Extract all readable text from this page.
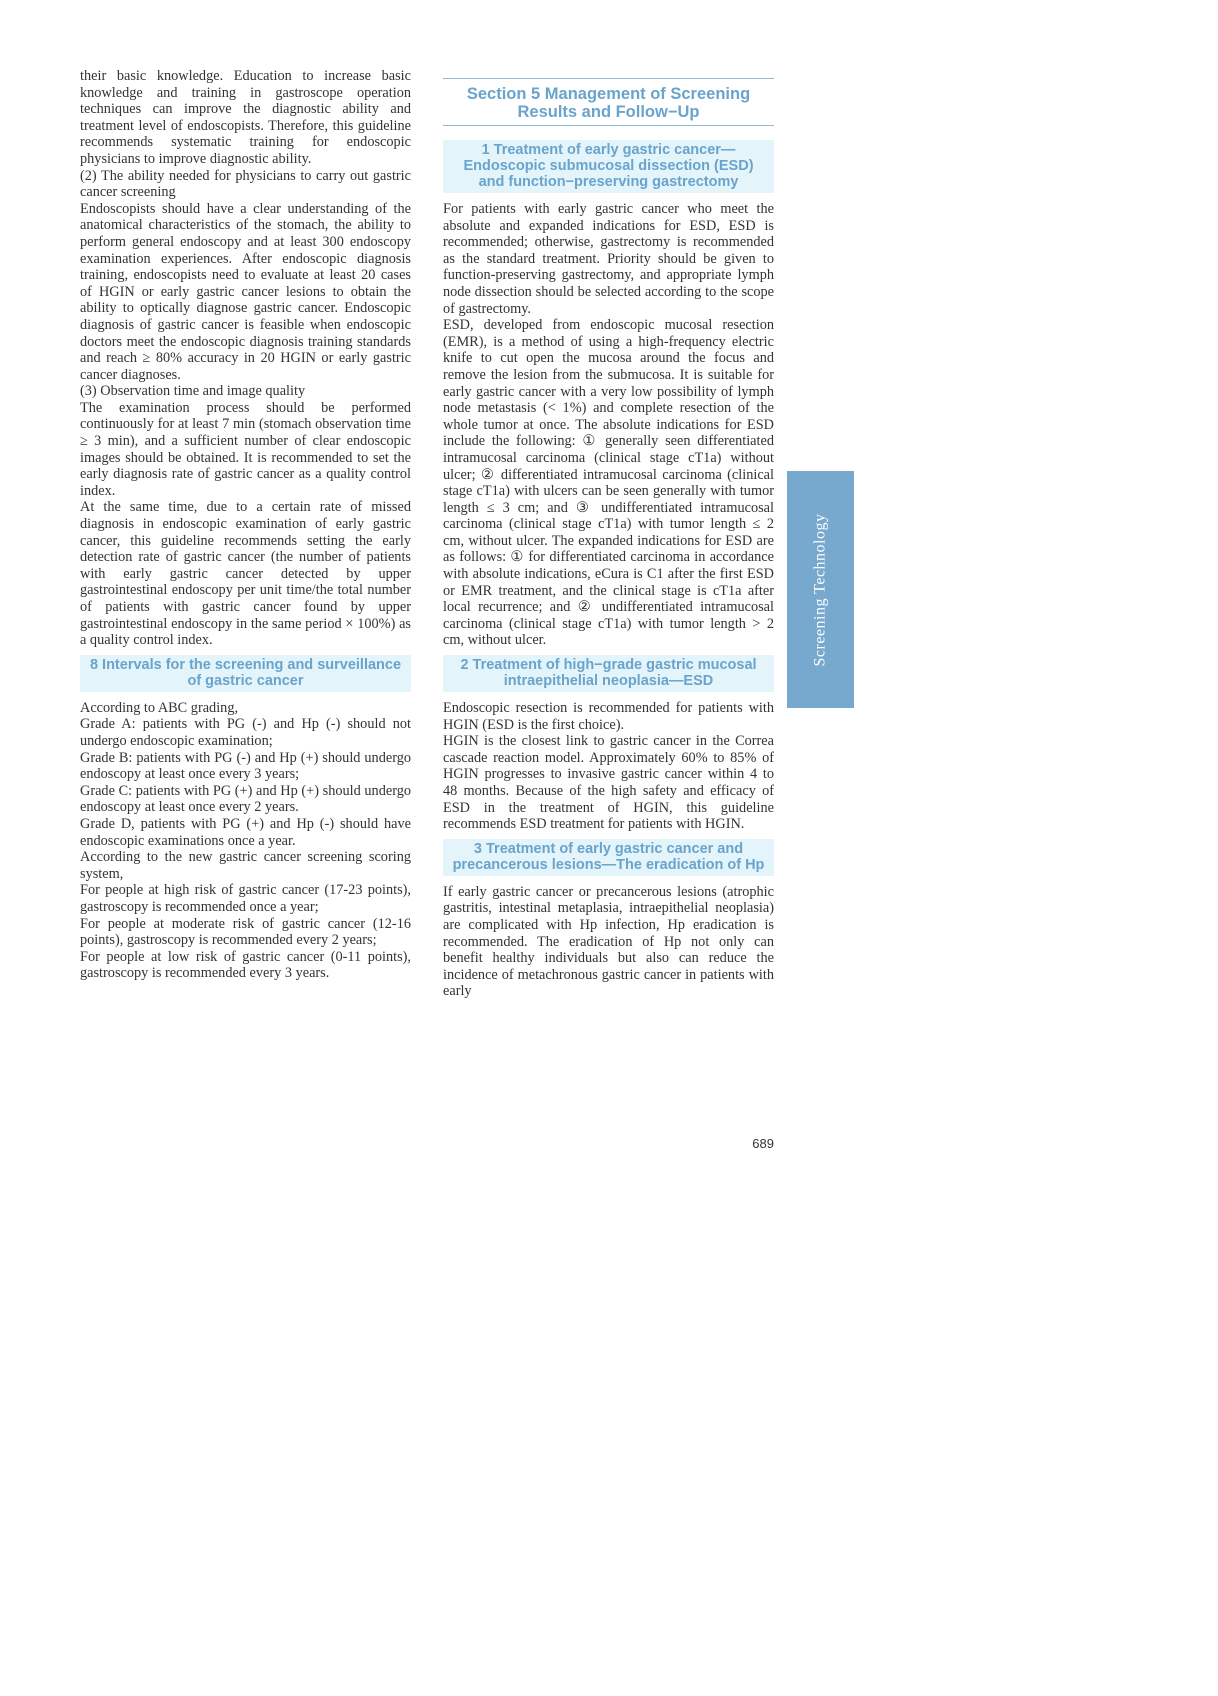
their basic knowledge. Education to increase basic knowledge and training in gastroscope operation techniques can improve the diagnostic ability and treatment level of endoscopists. Therefore, this guideline recommends systematic training for endoscopic physicians to improve diagnostic ability.

(2) The ability needed for physicians to carry out gastric cancer screening

Endoscopists should have a clear understanding of the anatomical characteristics of the stomach, the ability to perform general endoscopy and at least 300 endoscopy examination experiences. After endoscopic diagnosis training, endoscopists need to evaluate at least 20 cases of HGIN or early gastric cancer lesions to obtain the ability to optically diagnose gastric cancer. Endoscopic diagnosis of gastric cancer is feasible when endoscopic doctors meet the endoscopic diagnosis training standards and reach ≥ 80% accuracy in 20 HGIN or early gastric cancer diagnoses.

(3) Observation time and image quality

The examination process should be performed continuously for at least 7 min (stomach observation time ≥ 3 min), and a sufficient number of clear endoscopic images should be obtained. It is recommended to set the early diagnosis rate of gastric cancer as a quality control index.

At the same time, due to a certain rate of missed diagnosis in endoscopic examination of early gastric cancer, this guideline recommends setting the early detection rate of gastric cancer (the number of patients with early gastric cancer detected by upper gastrointestinal endoscopy per unit time/the total number of patients with gastric cancer found by upper gastrointestinal endoscopy in the same period × 100%) as a quality control index.

8 Intervals for the screening and surveillance of gastric cancer

According to ABC grading,

Grade A: patients with PG (-) and Hp (-) should not undergo endoscopic examination;

Grade B: patients with PG (-) and Hp (+) should undergo endoscopy at least once every 3 years;

Grade C: patients with PG (+) and Hp (+) should undergo endoscopy at least once every 2 years.

Grade D, patients with PG (+) and Hp (-) should have endoscopic examinations once a year.

According to the new gastric cancer screening scoring system,

For people at high risk of gastric cancer (17-23 points), gastroscopy is recommended once a year;

For people at moderate risk of gastric cancer (12-16 points), gastroscopy is recommended every 2 years;

For people at low risk of gastric cancer (0-11 points), gastroscopy is recommended every 3 years.

Section 5 Management of Screening Results and Follow−Up
1 Treatment of early gastric cancer—Endoscopic submucosal dissection (ESD) and function−preserving gastrectomy

For patients with early gastric cancer who meet the absolute and expanded indications for ESD, ESD is recommended; otherwise, gastrectomy is recommended as the standard treatment. Priority should be given to function-preserving gastrectomy, and appropriate lymph node dissection should be selected according to the scope of gastrectomy.

ESD, developed from endoscopic mucosal resection (EMR), is a method of using a high-frequency electric knife to cut open the mucosa around the focus and remove the lesion from the submucosa. It is suitable for early gastric cancer with a very low possibility of lymph node metastasis (< 1%) and complete resection of the whole tumor at once. The absolute indications for ESD include the following: ① generally seen differentiated intramucosal carcinoma (clinical stage cT1a) without ulcer; ② differentiated intramucosal carcinoma (clinical stage cT1a) with ulcers can be seen generally with tumor length ≤ 3 cm; and ③ undifferentiated intramucosal carcinoma (clinical stage cT1a) with tumor length ≤ 2 cm, without ulcer. The expanded indications for ESD are as follows: ① for differentiated carcinoma in accordance with absolute indications, eCura is C1 after the first ESD or EMR treatment, and the clinical stage is cT1a after local recurrence; and ② undifferentiated intramucosal carcinoma (clinical stage cT1a) with tumor length > 2 cm, without ulcer.

2 Treatment of high−grade gastric mucosal intraepithelial neoplasia—ESD

Endoscopic resection is recommended for patients with HGIN (ESD is the first choice).

HGIN is the closest link to gastric cancer in the Correa cascade reaction model. Approximately 60% to 85% of HGIN progresses to invasive gastric cancer within 4 to 48 months. Because of the high safety and efficacy of ESD in the treatment of HGIN, this guideline recommends ESD treatment for patients with HGIN.

3 Treatment of early gastric cancer and precancerous lesions—The eradication of Hp

If early gastric cancer or precancerous lesions (atrophic gastritis, intestinal metaplasia, intraepithelial neoplasia) are complicated with Hp infection, Hp eradication is recommended. The eradication of Hp not only can benefit healthy individuals but also can reduce the incidence of metachronous gastric cancer in patients with early

Screening Technology
689
